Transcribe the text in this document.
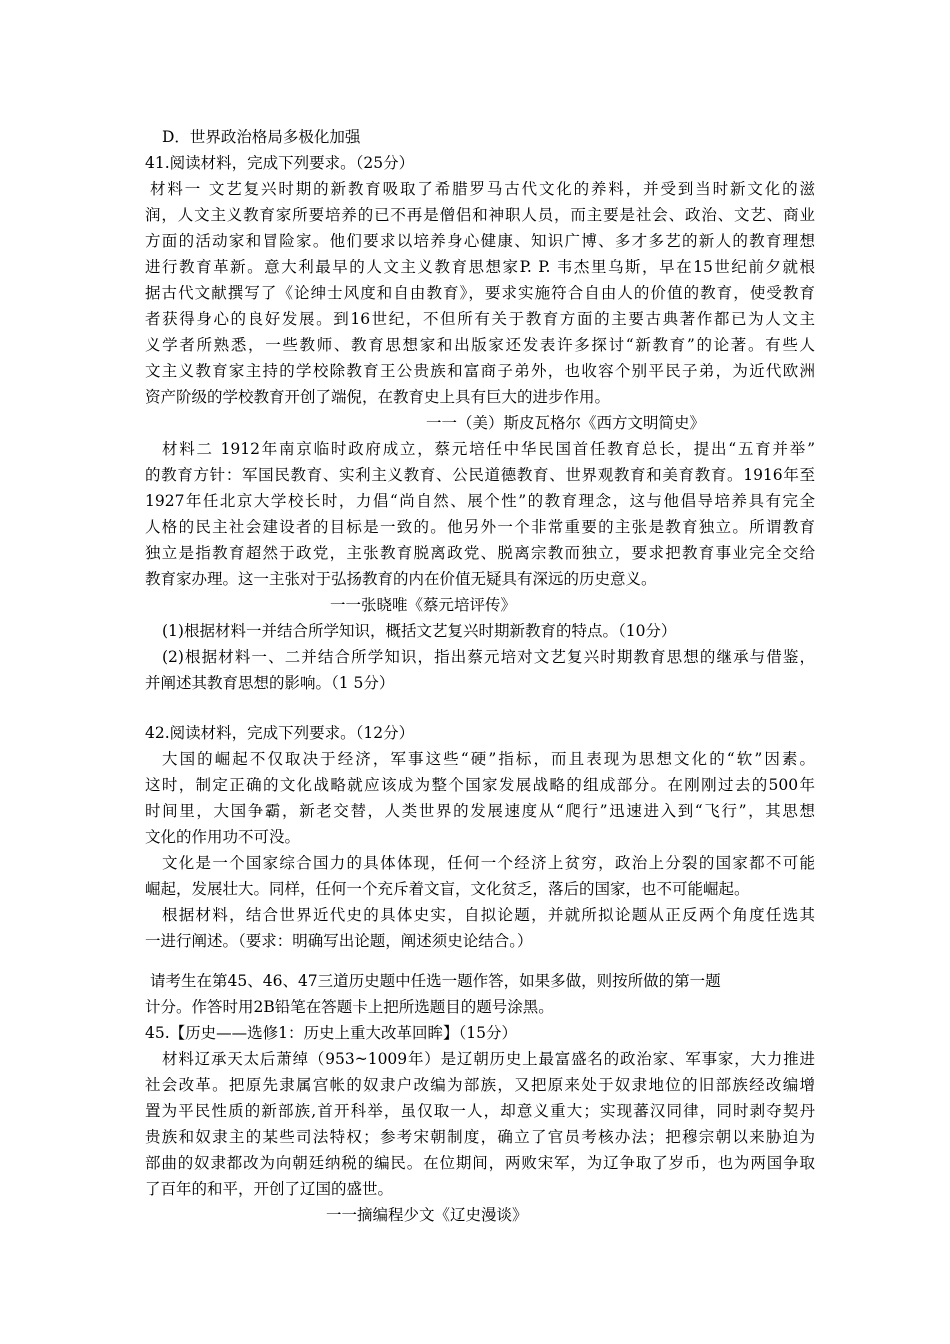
D．世界政治格局多极化加强
41.阅读材料，完成下列要求。（25分）
材料一 文艺复兴时期的新教育吸取了希腊罗马古代文化的养料，并受到当时新文化的滋
润，人文主义教育家所要培养的已不再是僧侣和神职人员，而主要是社会、政治、文艺、商业
方面的活动家和冒险家。他们要求以培养身心健康、知识广博、多才多艺的新人的教育理想
进行教育革新。意大利最早的人文主义教育思想家P. P. 韦杰里乌斯，早在15世纪前夕就根
据古代文献撰写了《论绅士风度和自由教育》，要求实施符合自由人的价值的教育，使受教育
者获得身心的良好发展。到16世纪，不但所有关于教育方面的主要古典著作都已为人文主
义学者所熟悉，一些教师、教育思想家和出版家还发表许多探讨“新教育”的论著。有些人
文主义教育家主持的学校除教育王公贵族和富商子弟外，也收容个别平民子弟，为近代欧洲
资产阶级的学校教育开创了端倪，在教育史上具有巨大的进步作用。
一一（美）斯皮瓦格尔《西方文明简史》
材料二 1912年南京临时政府成立，蔡元培任中华民国首任教育总长，提出“五育并举”
的教育方针：军国民教育、实利主义教育、公民道德教育、世界观教育和美育教育。1916年至
1927年任北京大学校长时，力倡“尚自然、展个性”的教育理念，这与他倡导培养具有完全
人格的民主社会建设者的目标是一致的。他另外一个非常重要的主张是教育独立。所谓教育
独立是指教育超然于政党，主张教育脱离政党、脱离宗教而独立，要求把教育事业完全交给
教育家办理。这一主张对于弘扬教育的内在价值无疑具有深远的历史意义。
一一张晓唯《蔡元培评传》
(1)根据材料一并结合所学知识，概括文艺复兴时期新教育的特点。（10分）
(2)根据材料一、二并结合所学知识，指出蔡元培对文艺复兴时期教育思想的继承与借鉴，
并阐述其教育思想的影响。（1 5分）
42.阅读材料，完成下列要求。（12分）
大国的崛起不仅取决于经济，军事这些“硬”指标，而且表现为思想文化的“软”因素。
这时，制定正确的文化战略就应该成为整个国家发展战略的组成部分。在刚刚过去的500年
时间里，大国争霸，新老交替，人类世界的发展速度从“爬行”迅速进入到“飞行”，其思想
文化的作用功不可没。
文化是一个国家综合国力的具体体现，任何一个经济上贫穷，政治上分裂的国家都不可能
崛起，发展壮大。同样，任何一个充斥着文盲，文化贫乏，落后的国家，也不可能崛起。
根据材料，结合世界近代史的具体史实，自拟论题，并就所拟论题从正反两个角度任选其
一进行阐述。（要求：明确写出论题，阐述须史论结合。）
请考生在第45、46、47三道历史题中任选一题作答，如果多做，则按所做的第一题
计分。作答时用2B铅笔在答题卡上把所选题目的题号涂黑。
45.【历史——选修1：历史上重大改革回眸】（15分）
材料辽承天太后萧绰（953~1009年）是辽朝历史上最富盛名的政治家、军事家，大力推进
社会改革。把原先隶属宫帐的奴隶户改编为部族，又把原来处于奴隶地位的旧部族经改编增
置为平民性质的新部族,首开科举，虽仅取一人，却意义重大；实现蕃汉同律，同时剥夺契丹
贵族和奴隶主的某些司法特权；参考宋朝制度，确立了官员考核办法；把穆宗朝以来胁迫为
部曲的奴隶都改为向朝廷纳税的编民。在位期间，两败宋军，为辽争取了岁币，也为两国争取
了百年的和平，开创了辽国的盛世。
一一摘编程少文《辽史漫谈》
